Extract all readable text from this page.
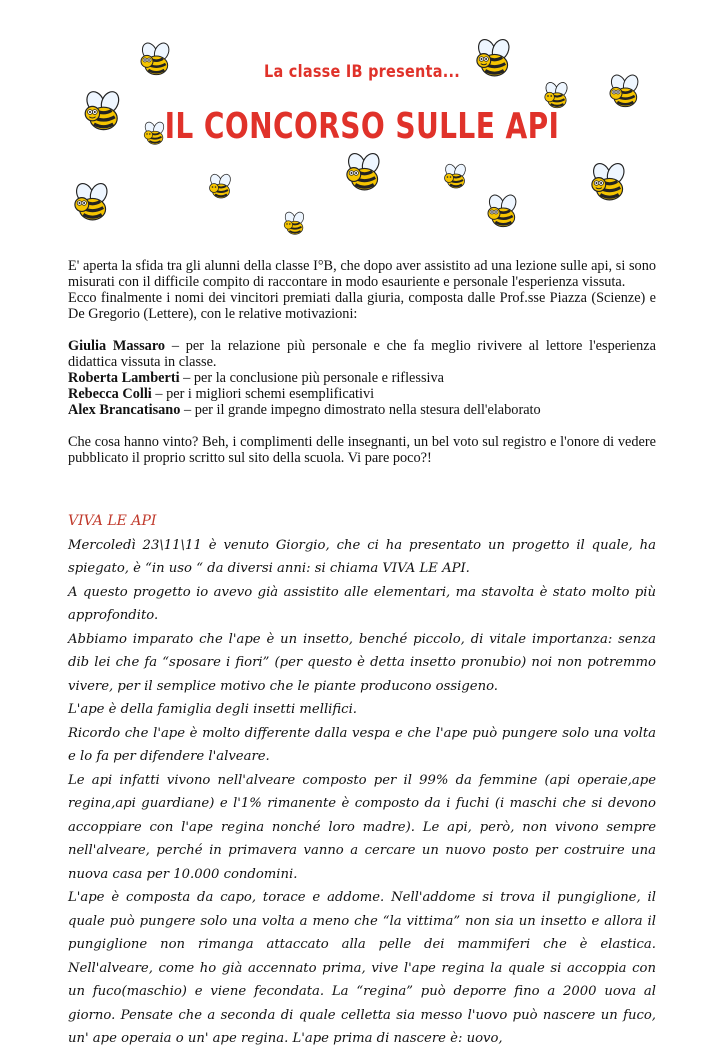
La classe IB presenta...
IL CONCORSO SULLE API

E' aperta la sfida tra gli alunni della classe I°B, che dopo aver assistito ad una lezione sulle api, si sono misurati con il difficile compito di raccontare in modo esauriente e personale l'esperienza vissuta.

Ecco finalmente i nomi dei vincitori premiati dalla giuria, composta dalle Prof.sse Piazza (Scienze) e De Gregorio (Lettere), con le relative motivazioni:

Giulia Massaro – per la relazione più personale e che fa meglio rivivere al lettore l'esperienza didattica vissuta in classe.

Roberta Lamberti – per la conclusione più personale e riflessiva

Rebecca Colli – per i migliori schemi esemplificativi

Alex Brancatisano – per il grande impegno dimostrato nella stesura dell'elaborato

Che cosa hanno vinto? Beh, i complimenti delle insegnanti, un bel voto sul registro e l'onore di vedere pubblicato il proprio scritto sul sito della scuola. Vi pare poco?!

VIVA LE API

Mercoledì 23\11\11 è venuto Giorgio, che ci ha presentato un progetto il quale, ha spiegato, è “in uso “ da diversi anni: si chiama VIVA LE API.

A questo progetto io avevo già assistito alle elementari, ma stavolta è stato molto più approfondito.

Abbiamo imparato che l'ape è un insetto, benché piccolo, di vitale importanza: senza dib lei che fa “sposare i fiori” (per questo è detta insetto pronubio) noi non potremmo vivere, per il semplice motivo che le piante producono ossigeno.

L'ape è della famiglia degli insetti mellifici.

Ricordo che l'ape è molto differente dalla vespa e che l'ape può pungere solo una volta e lo fa per difendere l'alveare.

Le api infatti vivono nell'alveare composto per il 99% da femmine (api operaie,ape regina,api guardiane) e l'1% rimanente è composto da i fuchi (i maschi che si devono accoppiare con l'ape regina nonché loro madre). Le api, però, non vivono sempre nell'alveare, perché in primavera vanno a cercare un nuovo posto per costruire una nuova casa per 10.000 condomini.

L'ape è composta da capo, torace e addome. Nell'addome si trova il pungiglione, il quale può pungere solo una volta a meno che “la vittima” non sia un insetto e allora il pungiglione non rimanga attaccato alla pelle dei mammiferi che è elastica. Nell'alveare, come ho già accennato prima, vive l'ape regina la quale si accoppia con un fuco(maschio) e viene fecondata. La “regina” può deporre fino a 2000 uova al giorno. Pensate che a seconda di quale celletta sia messo l'uovo può nascere un fuco, un' ape operaia o un' ape regina. L'ape prima di nascere è: uovo,
